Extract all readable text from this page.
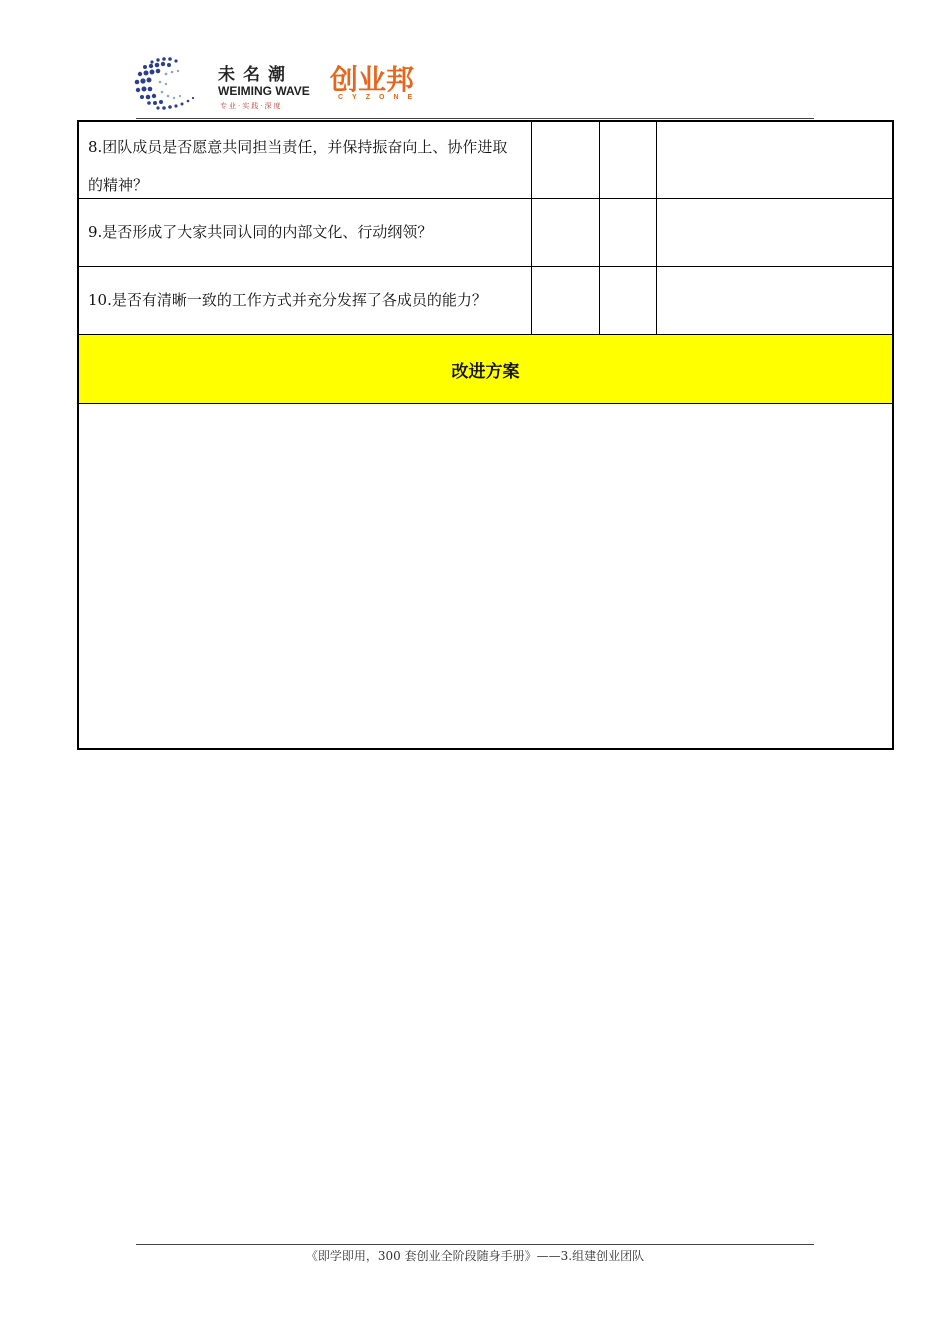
未名潮
WEIMING WAVE
专业·实践·深度
创业邦
CYZONE
8.团队成员是否愿意共同担当责任，并保持振奋向上、协作进取的精神？
9.是否形成了大家共同认同的内部文化、行动纲领？
10.是否有清晰一致的工作方式并充分发挥了各成员的能力？
改进方案
《即学即用，300 套创业全阶段随身手册》——3.组建创业团队
